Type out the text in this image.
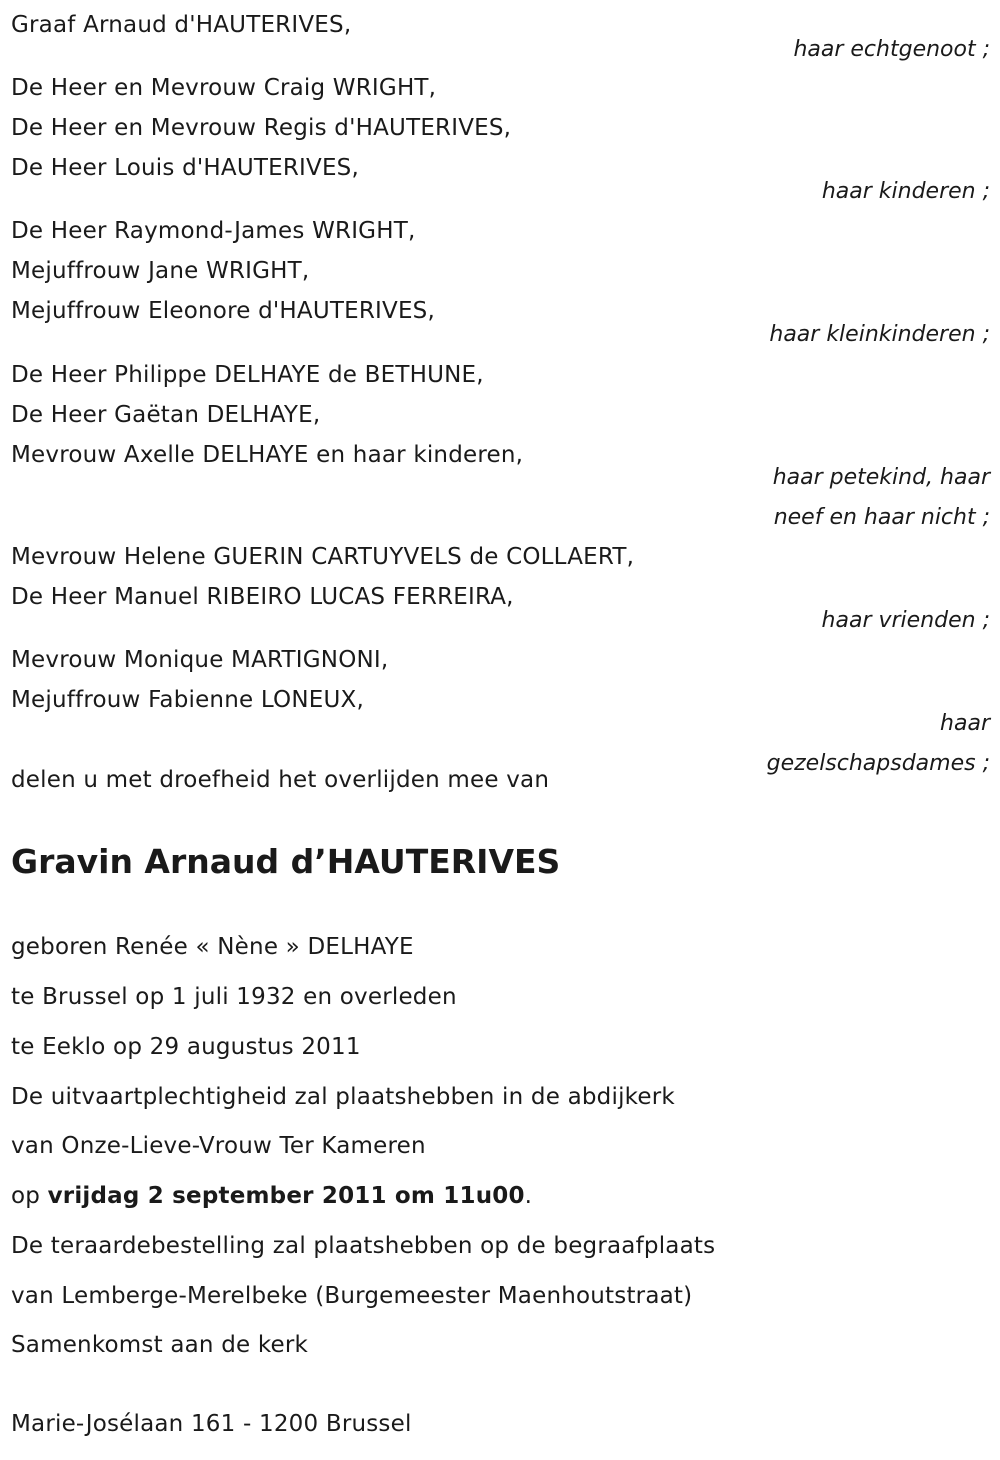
Graaf Arnaud d'HAUTERIVES,
haar echtgenoot ;
De Heer en Mevrouw Craig WRIGHT,
De Heer en Mevrouw Regis d'HAUTERIVES,
De Heer Louis d'HAUTERIVES,
haar kinderen ;
De Heer Raymond-James WRIGHT,
Mejuffrouw Jane WRIGHT,
Mejuffrouw Eleonore d'HAUTERIVES,
haar kleinkinderen ;
De Heer Philippe DELHAYE de BETHUNE,
De Heer Gaëtan DELHAYE,
Mevrouw Axelle DELHAYE en haar kinderen,
haar petekind, haar
neef en haar nicht ;
Mevrouw Helene GUERIN CARTUYVELS de COLLAERT,
De Heer Manuel RIBEIRO LUCAS FERREIRA,
haar vrienden ;
Mevrouw Monique MARTIGNONI,
Mejuffrouw Fabienne LONEUX,
haar
gezelschapsdames ;
delen u met droefheid het overlijden mee van
Gravin Arnaud d’HAUTERIVES
geboren Renée « Nène » DELHAYE
te Brussel op 1 juli 1932 en overleden
te Eeklo op 29 augustus 2011
De uitvaartplechtigheid zal plaatshebben in de abdijkerk
van Onze-Lieve-Vrouw Ter Kameren
op vrijdag 2 september 2011 om 11u00.
De teraardebestelling zal plaatshebben op de begraafplaats
van Lemberge-Merelbeke (Burgemeester Maenhoutstraat)
Samenkomst aan de kerk
Marie-Josélaan 161 - 1200 Brussel
